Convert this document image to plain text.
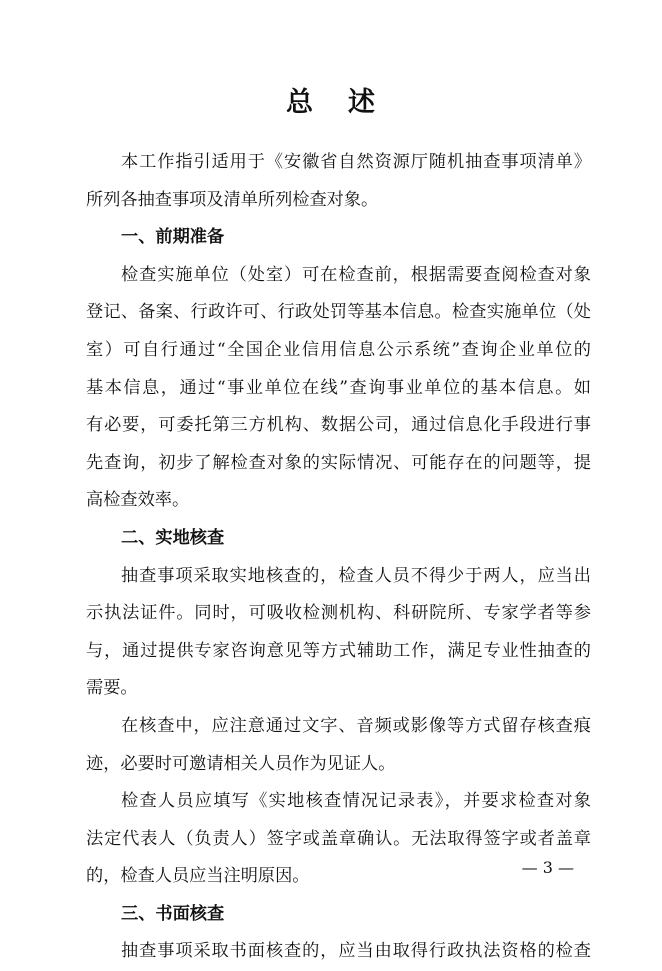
总 述
本工作指引适用于《安徽省自然资源厅随机抽查事项清单》
所列各抽查事项及清单所列检查对象。
一、前期准备
检查实施单位（处室）可在检查前，根据需要查阅检查对象
登记、备案、行政许可、行政处罚等基本信息。检查实施单位（处
室）可自行通过“全国企业信用信息公示系统”查询企业单位的
基本信息，通过“事业单位在线”查询事业单位的基本信息。如
有必要，可委托第三方机构、数据公司，通过信息化手段进行事
先查询，初步了解检查对象的实际情况、可能存在的问题等，提
高检查效率。
二、实地核查
抽查事项采取实地核查的，检查人员不得少于两人，应当出
示执法证件。同时，可吸收检测机构、科研院所、专家学者等参
与，通过提供专家咨询意见等方式辅助工作，满足专业性抽查的
需要。
在核查中，应注意通过文字、音频或影像等方式留存核查痕
迹，必要时可邀请相关人员作为见证人。
检查人员应填写《实地核查情况记录表》，并要求检查对象
法定代表人（负责人）签字或盖章确认。无法取得签字或者盖章
的，检查人员应当注明原因。
三、书面核查
抽查事项采取书面核查的，应当由取得行政执法资格的检查
— 3 —
